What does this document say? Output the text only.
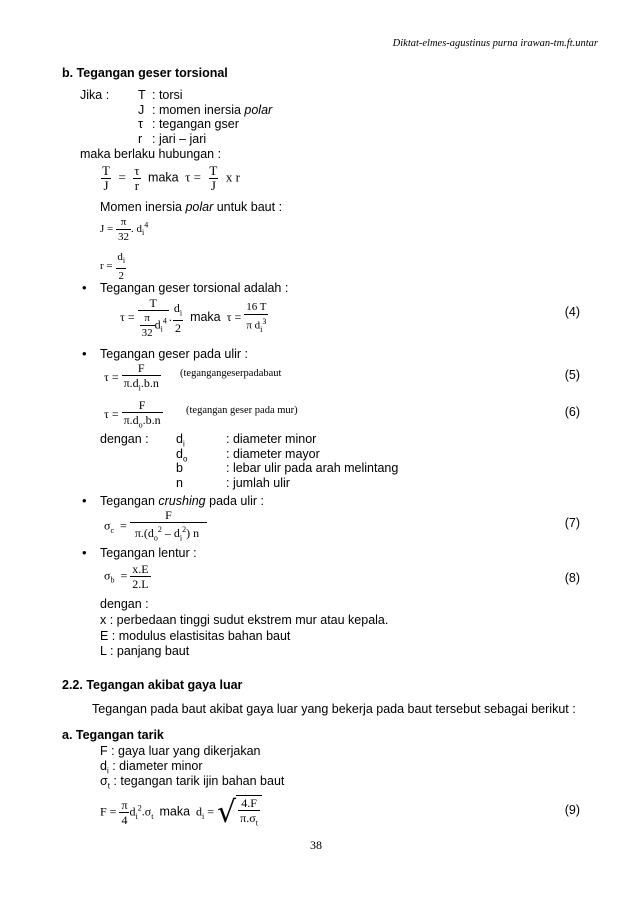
Diktat-elmes-agustinus purna irawan-tm.ft.untar
b. Tegangan geser torsional
Jika : T : torsi
J : momen inersia polar
τ : tegangan gser
r : jari – jari
maka berlaku hubungan :
$\frac{T}{J} = \frac{\tau}{r}$ maka  $\tau = \frac{T}{J}$ x r
Momen inersia polar untuk baut :
$J = \frac{\pi}{32}$ . $d_i^4$
$r = \frac{d_i}{2}$
• Tegangan geser torsional adalah :
$\tau = \frac{T}{\frac{\pi}{32} d_i^4}$ . $\frac{d_i}{2}$ maka  $\tau = \frac{16 T}{\pi d_i^3}$	(4)
• Tegangan geser pada ulir :
$\tau = \frac{F}{\pi.d_i.b.n}$ (tegangangeserpadabaut	(5)
$\tau = \frac{F}{\pi.d_o.b.n}$ (tegangan geser pada mur)	(6)
dengan : $d_i$	: diameter minor
$d_o$	: diameter mayor
b	: lebar ulir pada arah melintang
n	: jumlah ulir
• Tegangan crushing pada ulir :
$\sigma_c = \frac{F}{\pi.(d_o^2 - d_i^2) n}$	(7)
• Tegangan lentur :
$\sigma_b = \frac{x.E}{2.L}$	(8)
dengan :
x : perbedaan tinggi sudut ekstrem mur atau kepala.
E : modulus elastisitas bahan baut
L : panjang baut
2.2. Tegangan akibat gaya luar
Tegangan pada baut akibat gaya luar yang bekerja pada baut tersebut sebagai berikut :
a. Tegangan tarik
F : gaya luar yang dikerjakan
$d_i$ : diameter minor
$\sigma_t$ : tegangan tarik ijin bahan baut
$F = \frac{\pi}{4} d_i^2.\sigma_t$ maka  $d_i$ = √ $\frac{4.F}{\pi.\sigma_t}$	(9)
38
